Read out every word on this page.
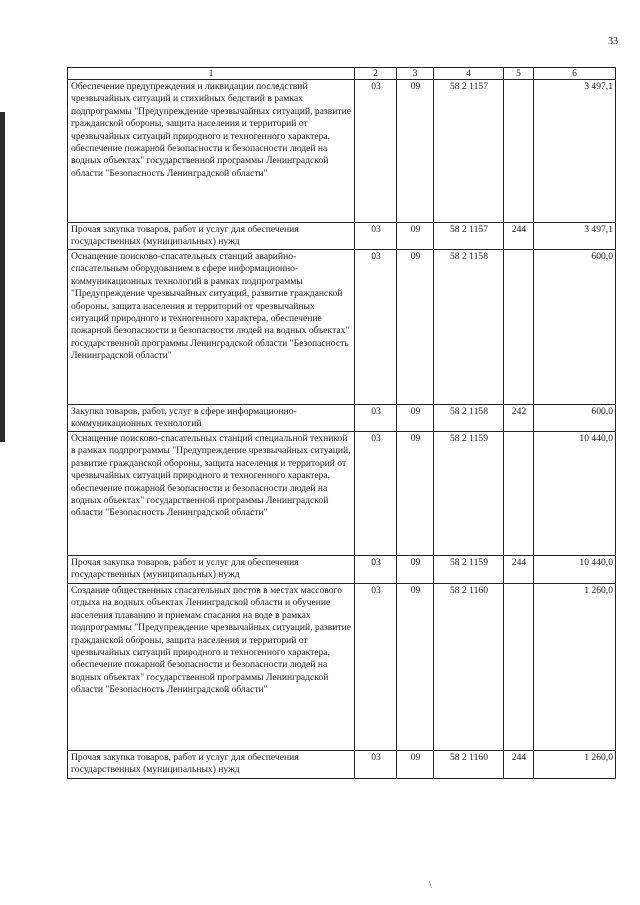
33
1	2	3	4	5	6
Обеспечение предупреждения и ликвидации последствий чрезвычайных ситуаций и стихийных бедствий в рамках подпрограммы "Предупреждение чрезвычайных ситуаций, развитие гражданской обороны, защита населения и территорий от чрезвычайных ситуаций природного и техногенного характера, обеспечение пожарной безопасности и безопасности людей на водных объектах" государственной программы Ленинградской области "Безопасность Ленинградской области"	03	09	58 2 1157		3 497,1
Прочая закупка товаров, работ и услуг для обеспечения государственных (муниципальных) нужд	03	09	58 2 1157	244	3 497,1
Оснащение поисково-спасательных станций аварийно-спасательным оборудованием в сфере информационно-коммуникационных технологий в рамках подпрограммы "Предупреждение чрезвычайных ситуаций, развитие гражданской обороны, защита населения и территорий от чрезвычайных ситуаций природного и техногенного характера, обеспечение пожарной безопасности и безопасности людей на водных объектах" государственной программы Ленинградской области "Безопасность Ленинградской области"	03	09	58 2 1158		600,0
Закупка товаров, работ, услуг в сфере информационно-коммуникационных технологий	03	09	58 2 1158	242	600,0
Оснащение поисково-спасательных станций специальной техникой в рамках подпрограммы "Предупреждение чрезвычайных ситуаций, развитие гражданской обороны, защита населения и территорий от чрезвычайных ситуаций природного и техногенного характера, обеспечение пожарной безопасности и безопасности людей на водных объектах" государственной программы Ленинградской области "Безопасность Ленинградской области"	03	09	58 2 1159		10 440,0
Прочая закупка товаров, работ и услуг для обеспечения государственных (муниципальных) нужд	03	09	58 2 1159	244	10 440,0
Создание общественных спасательных постов в местах массового отдыха на водных объектах Ленинградской области и обучение населения плаванию и приемам спасания на воде в рамках подпрограммы "Предупреждение чрезвычайных ситуаций, развитие гражданской обороны, защита населения и территорий от чрезвычайных ситуаций природного и техногенного характера, обеспечение пожарной безопасности и безопасности людей на водных объектах" государственной программы Ленинградской области "Безопасность Ленинградской области"	03	09	58 2 1160		1 260,0
Прочая закупка товаров, работ и услуг для обеспечения государственных (муниципальных) нужд	03	09	58 2 1160	244	1 260,0
\
